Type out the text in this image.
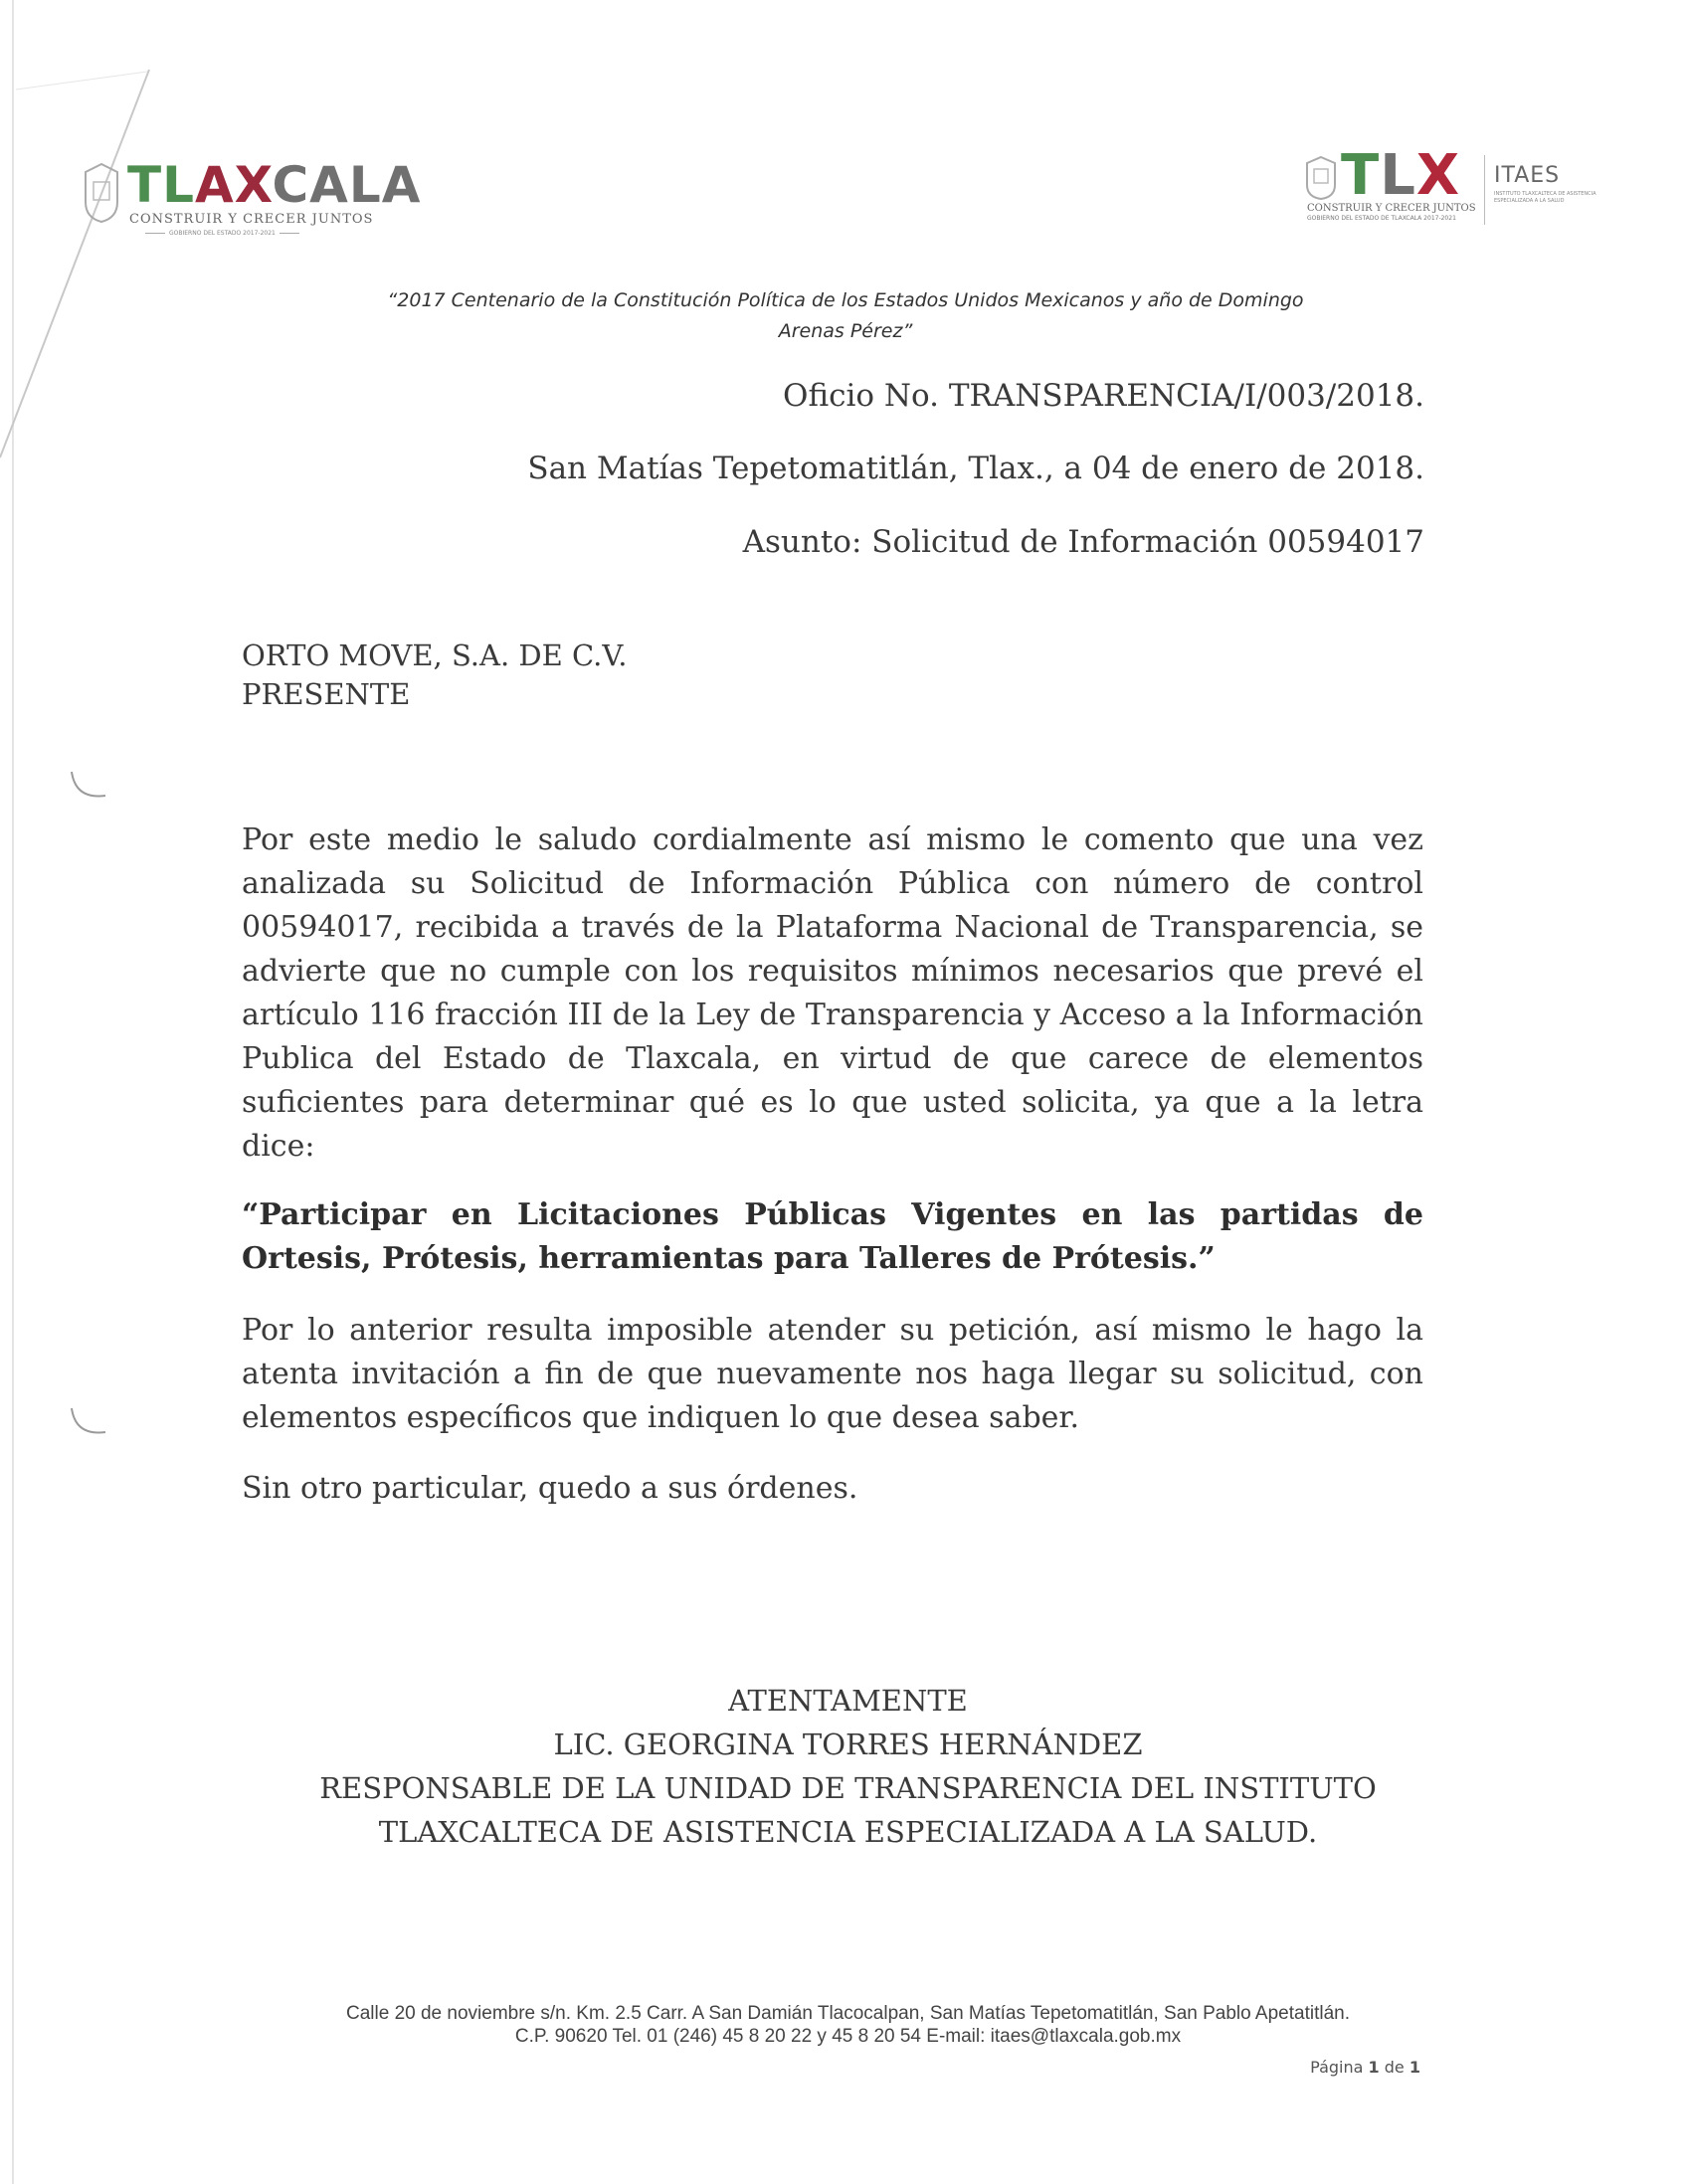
TLAXCALA
CONSTRUIR Y CRECER JUNTOS
GOBIERNO DEL ESTADO 2017-2021
TLX
CONSTRUIR Y CRECER JUNTOS
GOBIERNO DEL ESTADO DE TLAXCALA 2017-2021
ITAES
INSTITUTO TLAXCALTECA DE ASISTENCIA ESPECIALIZADA A LA SALUD
“2017 Centenario de la Constitución Política de los Estados Unidos Mexicanos y año de Domingo Arenas Pérez”
Oficio No. TRANSPARENCIA/I/003/2018.
San Matías Tepetomatitlán, Tlax., a 04 de enero de 2018.
Asunto: Solicitud de Información 00594017
ORTO MOVE, S.A. DE C.V.
PRESENTE

Por este medio le saludo cordialmente así mismo le comento que una vez analizada su Solicitud de Información Pública con número de control 00594017, recibida a través de la Plataforma Nacional de Transparencia, se advierte que no cumple con los requisitos mínimos necesarios que prevé el artículo 116 fracción III de la Ley de Transparencia y Acceso a la Información Publica del Estado de Tlaxcala, en virtud de que carece de elementos suficientes para determinar qué es lo que usted solicita, ya que a la letra dice:

“Participar en Licitaciones Públicas Vigentes en las partidas de Ortesis, Prótesis, herramientas para Talleres de Prótesis.”

Por lo anterior resulta imposible atender su petición, así mismo le hago la atenta invitación a fin de que nuevamente nos haga llegar su solicitud, con elementos específicos que indiquen lo que desea saber.

Sin otro particular, quedo a sus órdenes.

ATENTAMENTE
LIC. GEORGINA TORRES HERNÁNDEZ
RESPONSABLE DE LA UNIDAD DE TRANSPARENCIA DEL INSTITUTO
TLAXCALTECA DE ASISTENCIA ESPECIALIZADA A LA SALUD.
Calle 20 de noviembre s/n. Km. 2.5 Carr. A San Damián Tlacocalpan, San Matías Tepetomatitlán, San Pablo Apetatitlán.
C.P. 90620 Tel. 01 (246) 45 8 20 22 y 45 8 20 54 E-mail: itaes@tlaxcala.gob.mx
Página 1 de 1
